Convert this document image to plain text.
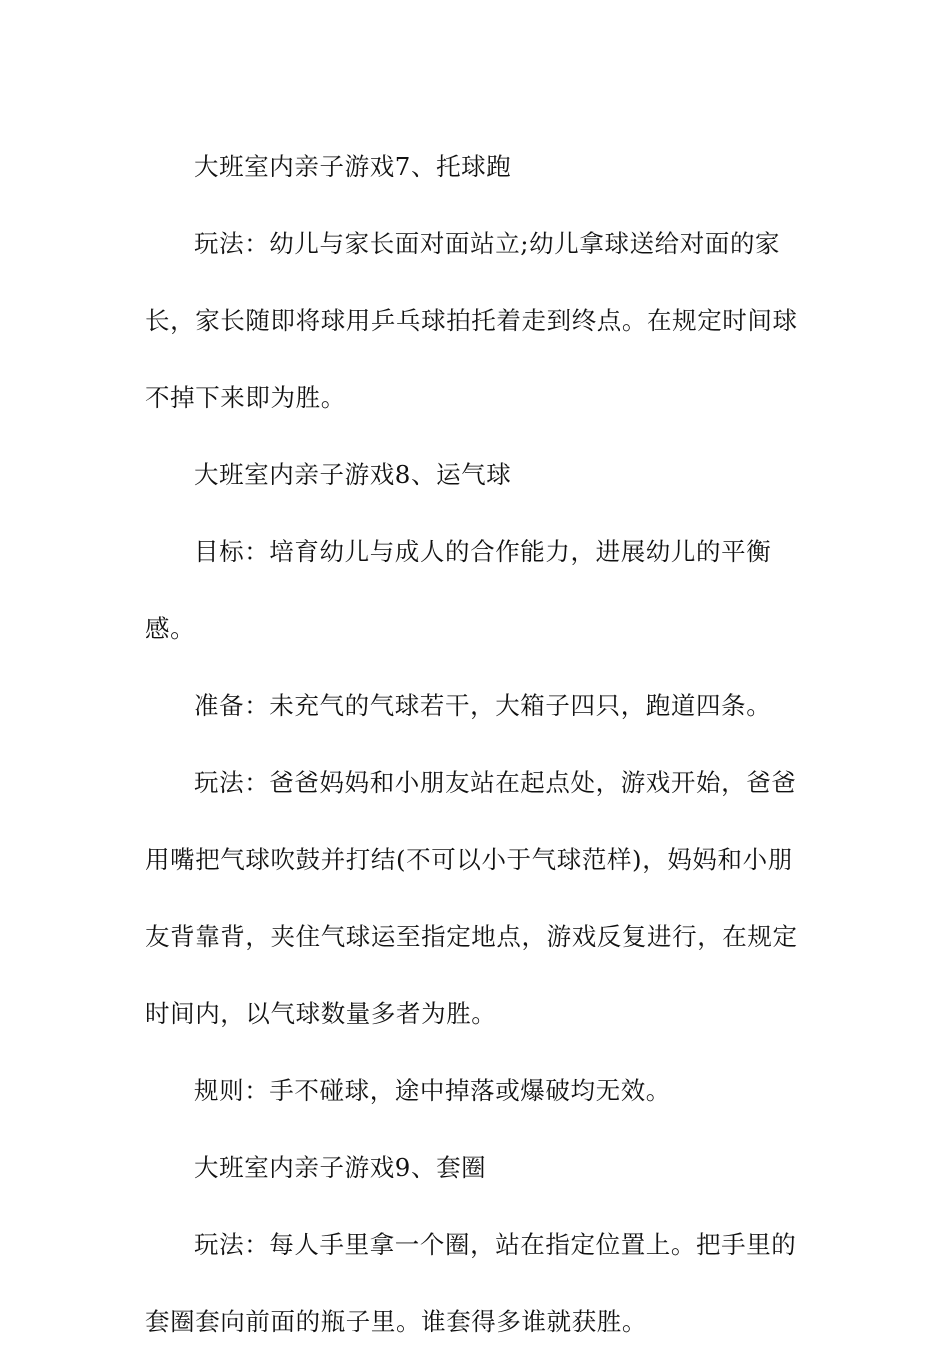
大班室内亲子游戏7、托球跑

玩法：幼儿与家长面对面站立;幼儿拿球送给对面的家长，家长随即将球用乒乓球拍托着走到终点。在规定时间球不掉下来即为胜。

大班室内亲子游戏8、运气球

目标：培育幼儿与成人的合作能力，进展幼儿的平衡感。

准备：未充气的气球若干，大箱子四只，跑道四条。

玩法：爸爸妈妈和小朋友站在起点处，游戏开始，爸爸用嘴把气球吹鼓并打结(不可以小于气球范样)，妈妈和小朋友背靠背，夹住气球运至指定地点，游戏反复进行，在规定时间内，以气球数量多者为胜。

规则：手不碰球，途中掉落或爆破均无效。

大班室内亲子游戏9、套圈

玩法：每人手里拿一个圈，站在指定位置上。把手里的套圈套向前面的瓶子里。谁套得多谁就获胜。
